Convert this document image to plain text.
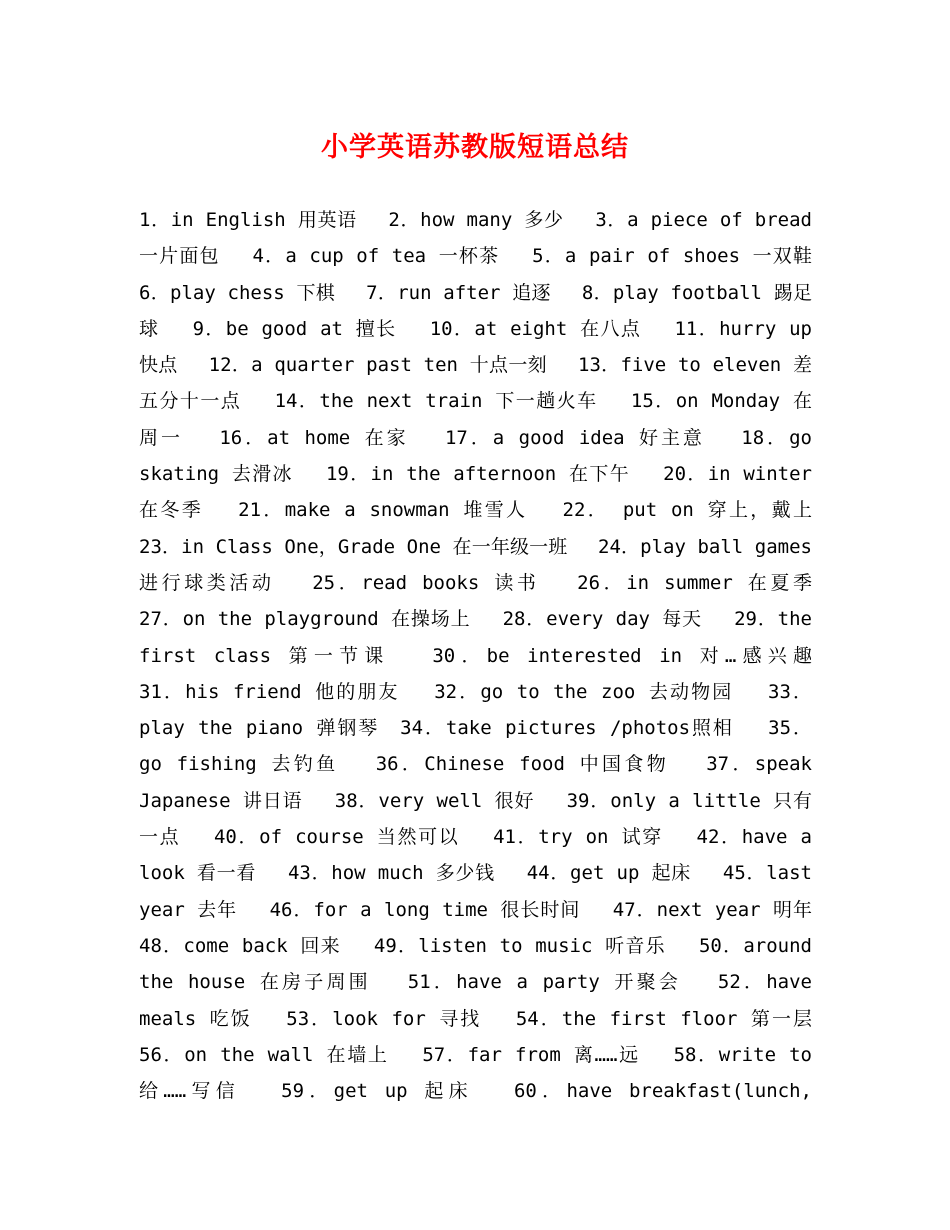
小学英语苏教版短语总结
1．in English 用英语　 2．how many 多少　 3．a piece of bread
一片面包　 4．a cup of tea 一杯茶　 5．a pair of shoes 一双鞋
6．play chess 下棋　 7．run after 追逐　 8．play football 踢足
球　 9．be good at 擅长　 10．at eight 在八点　 11．hurry up
快点　 12．a quarter past ten 十点一刻　 13．five to eleven 差
五分十一点　 14．the next train 下一趟火车　 15．on Monday 在
周一　 16．at home 在家　 17．a good idea 好主意　 18．go
skating 去滑冰　 19．in the afternoon 在下午　 20．in winter
在冬季　 21．make a snowman 堆雪人　 22． put on 穿上，戴上
23．in Class One，Grade One 在一年级一班　 24．play ball games
进行球类活动　 25．read books 读书　 26．in summer 在夏季
27．on the playground 在操场上　 28．every day 每天　 29．the
first class 第一节课　 30．be interested in 对…感兴趣
31．his friend 他的朋友　 32．go to the zoo 去动物园　 33．
play the piano 弹钢琴　34．take pictures /photos照相　 35．
go fishing 去钓鱼　 36．Chinese food 中国食物　 37．speak
Japanese 讲日语　 38．very well 很好　 39．only a little 只有
一点　 40．of course 当然可以　 41．try on 试穿　 42．have a
look 看一看　 43．how much 多少钱　 44．get up 起床　 45．last
year 去年　 46．for a long time 很长时间　 47．next year 明年
48．come back 回来　 49．listen to music 听音乐　 50．around
the house 在房子周围　 51．have a party 开聚会　 52．have
meals 吃饭　 53．look for 寻找　 54．the first floor 第一层
56．on the wall 在墙上　 57．far from 离……远　 58．write to
给……写信　 59．get up 起床　 60．have breakfast(lunch,
